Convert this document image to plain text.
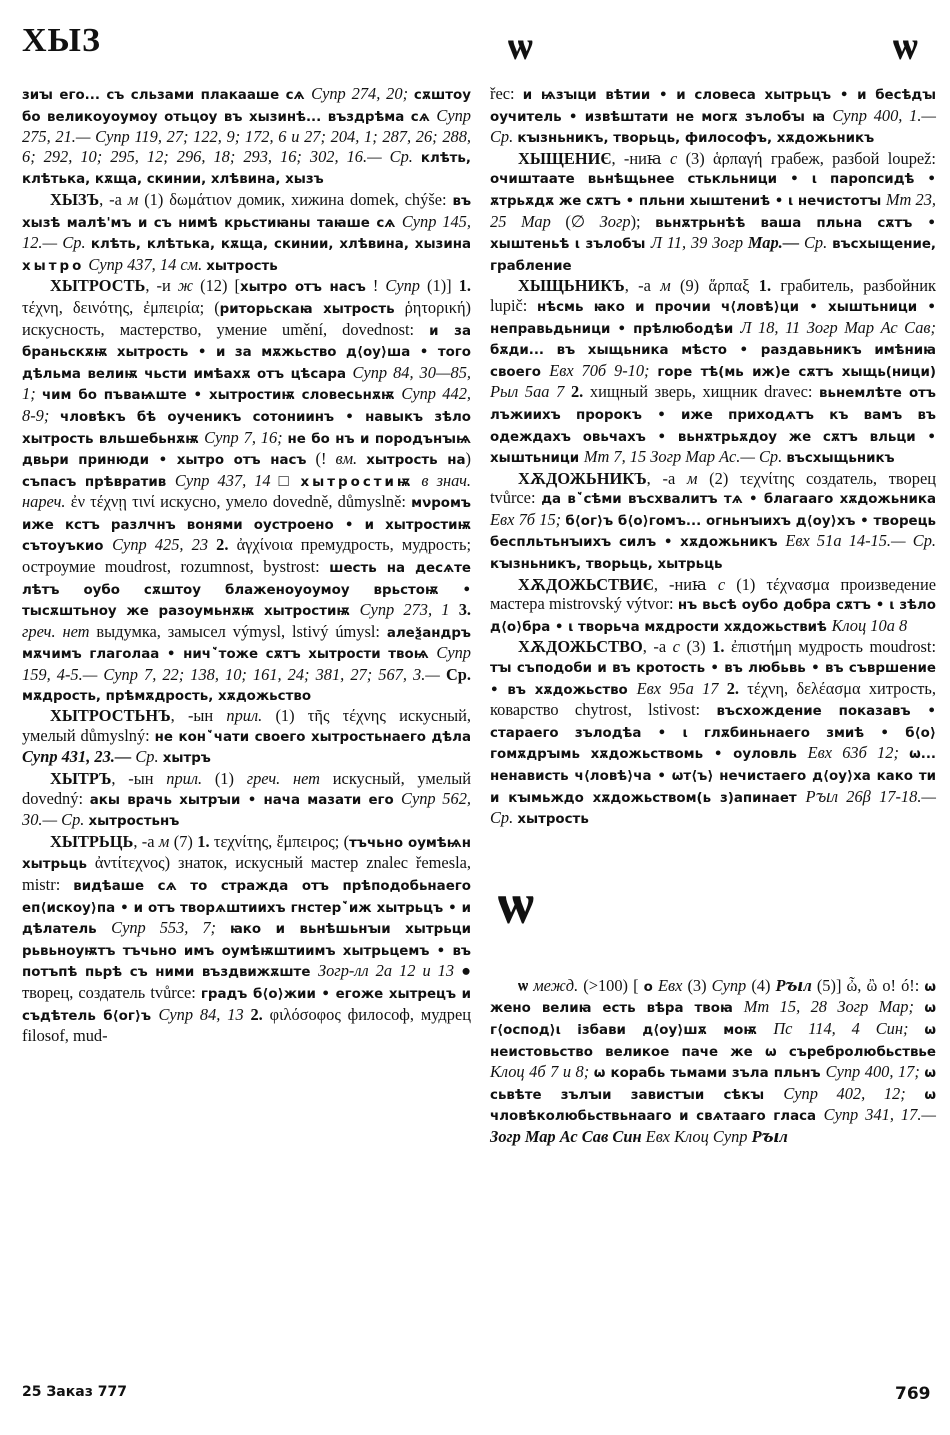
ХЫЗ	ѡ	ѡ

зиꙑ его... съ сльзами плакааше сѧ Супр 274, 20; сѫштоу бо великоуоумоу отьцоу въ хызинѣ... въздрѣма сѧ Супр 275, 21.— Супр 119, 27; 122, 9; 172, 6 и 27; 204, 1; 287, 26; 288, 6; 292, 10; 295, 12; 296, 18; 293, 16; 302, 16.— Ср. клѣть, клѣтька, кѫща, скинии, хлѣвина, хызъ

ХЫЗЪ, -а м (1) δωμάτιον домик, хижина domek, chýše: въ хызѣ малѣ'мъ и съ нимѣ крьстиꙗны таꙗше сѧ Супр 145, 12.— Ср. клѣть, клѣтька, кѫща, скинии, хлѣвина, хызина хытро Супр 437, 14 см. хытрость

ХЫТРОСТЬ, -и ж (12) [хытро отъ насъ ! Супр (1)] 1. τέχνη, δεινότης, ἐμπειρία; (риторьскаꙗ хытрость ῥητορική) искусность, мастерство, умение umění, dovednost: и за браньскѫѭ хытрость • и за мѫжьство д⟨оу⟩ша • того дѣльма велиѭ чьсти имѣахѫ отъ цѣсара Супр 84, 30—85, 1; чим бо пъваѩште • хытростиѭ словесьнѫѭ Супр 442, 8-9; чловѣкъ бѣ оученикъ сотониинъ • навыкъ зѣло хытрость вльшебьнѫѭ Супр 7, 16; не бо нъ и породънꙑѩ двьри принюди • хытро отъ насъ (! вм. хытрость на) съпасъ прѣвратив Супр 437, 14 □ хытростиѭ в знач. нареч. ἐν τέχνῃ τινί искусно, умело dovedně, důmyslně: мνромъ иже кстъ разлчнъ вонями оустроено • и хытростиѭ сътоуъкио Супр 425, 23 2. ἀγχίνοια премудрость, мудрость; остроумие moudrost, rozumnost, bystrost: шесть на десѧте лѣтъ оубо сѫштоу блаженоуоумоу врьстоѭ • тысѫштьноу же разоумьнѫѭ хытростиѭ Супр 273, 1 3. греч. нет выдумка, замысел výmysl, lstivý úmysl: алеѯандръ мѫчимъ глаголаа • ничꙿтоже сѫтъ хытрости твоѩ Супр 159, 4-5.— Супр 7, 22; 138, 10; 161, 24; 381, 27; 567, 3.— Ср. мѫдрость, прѣмѫдрость, хѫдожьство

ХЫТРОСТЬНЪ, -ын прил. (1) τῆς τέχνης искусный, умелый důmyslný: не конꙿчати своего хытростьнаего дѣла Супр 431, 23.— Ср. хытръ

ХЫТРЪ, -ын прил. (1) греч. нет искусный, умелый dovedný: акы врачь хытрꙑи • нача мазати его Супр 562, 30.— Ср. хытростьнъ

ХЫТРЬЦЬ, -а м (7) 1. τεχνίτης, ἔμπειρος; (тъчьно оумѣѩн хытрьць ἀντίτεχνος) знаток, искусный мастер znalec řemesla, mistr: видѣаше сѧ то стражда отъ прѣподобьнаего еп⟨искоу⟩па • и отъ творѧштиихъ гнстерꙿиж хытрьцъ • и дѣлатель Супр 553, 7; ꙗко и вьнѣшьнꙑи хытрьци рьвьноуѭтъ тъчьно имъ оумѣѭштиимъ хытрьцемъ • въ потъпѣ пьрѣ съ ними въздвижѫште Зогр-лл 2а 12 и 13 ● творец, создатель tvůrce: градъ б⟨о⟩жии • егоже хытрецъ и съдѣтель б⟨ог⟩ъ Супр 84, 13 2. φιλόσοφος философ, мудрец filosof, mud-

řec: и ѩзꙑци вѣтии • и словеса хытрьцъ • и бесѣдꙑ оучитель • извѣштати не могѫ зълобꙑ ꙗ Супр 400, 1.— Ср. кꙑзньникъ, творьць, философъ, хѫдожьникъ

ХЫЩЕНИЄ, -ниꙗ с (3) ἁρπαγή грабеж, разбой loupež: очиштаате вьнѣщьнее стькльници • ι паропсидѣ • ѫтрьѫдѫ же сѫтъ • пльни хыштениѣ • ι нечистотꙑ Мт 23, 25 Мар (∅ Зогр); вьнѫтрьнѣѣ ваша пльна сѫтъ • хыштеньѣ ι зълобꙑ Л 11, 39 Зогр Мар.— Ср. въсхыщение, грабление

ХЫЩЬНИКЪ, -а м (9) ἅρπαξ 1. грабитель, разбойник lupič: нѣсмь ꙗко и прочии ч⟨ловѣ⟩ци • хыштьници • неправьдьници • прѣлюбодѣи Л 18, 11 Зогр Мар Ас Сав; бѫди... въ хыщьника мѣсто • раздавьникъ имѣниꙗ своего Евх 70б 9-10; горе тѣ(мь иж)е сѫтъ хыщь(ници) Рыл 5аа 7 2. хищный зверь, хищник dravec: вьнемлѣте отъ лъжиихъ пророкъ • иже приходѧтъ къ вамъ въ одеждахъ овьчахъ • вьнѫтрьѫдоу же сѫтъ вльци • хыштьници Мт 7, 15 Зогр Мар Ас.— Ср. въсхыщьникъ

ХѪДОЖЬНИКЪ, -а м (2) τεχνίτης создатель, творец tvůrce: да вꙿсѣми въсхвалитъ тѧ • благааго хѫдожьника Евх 7б 15; б⟨ог⟩ъ б⟨о⟩гомъ... огньнꙑихъ д⟨оу⟩хъ • творець беспльтьнꙑихъ силъ • хѫдожьникъ Евх 51а 14-15.— Ср. кꙑзньникъ, творьць, хытрьць

ХѪДОЖЬСТВИЄ, -ниꙗ с (1) τέχνασμα произведение мастера mistrovský výtvor: нъ вьсѣ оубо добра сѫтъ • ι зѣло д⟨о⟩бра • ι творьча мѫдрости хѫдожьствиѣ Клоц 10а 8

ХѪДОЖЬСТВО, -а с (3) 1. ἐπιστήμη мудрость moudrost: тꙑ съподоби и въ кротость • въ любьвь • въ съвршение • въ хѫдожьство Евх 95а 17 2. τέχνη, δελέασμα хитрость, коварство chytrost, lstivost: въсхождение показавъ • стараего зълодѣа • ι глѫбиньнаего змиѣ • б⟨о⟩гомѫдрꙑмь хѫдожьствомь • оуловль Евх 63б 12; ѡ... ненависть ч⟨ловѣ⟩ча • ѡт⟨ъ⟩ нечистаего д⟨оу⟩ха како ти и кꙑмьждо хѫдожьством(ь з)апинает Рꙑл 26β 17-18.— Ср. хытрость

ѡ

ѡ межд. (>100) [ о Евх (3) Супр (4) Рꙑл (5)] ὦ, ὢ o! ó!: ѡ жено велиꙗ есть вѣра твоꙗ Мт 15, 28 Зогр Мар; ѡ г⟨оспод⟩ι ізбави д⟨оу⟩шѫ моѭ Пс 114, 4 Син; ѡ неистовьство великое паче же ѡ сърeбролюбьствьe Клоц 4б 7 и 8; ѡ корабь тьмами зъла пльнъ Супр 400, 17; ѡ сьвѣте зълꙑи завистꙑи сѣкꙑ Супр 402, 12; ѡ чловѣколюбьствьнааго и свѧтааго гласа Супр 341, 17.— Зогр Мар Ас Сав Син Евх Клоц Супр Рꙑл

25 Заказ 777	769
